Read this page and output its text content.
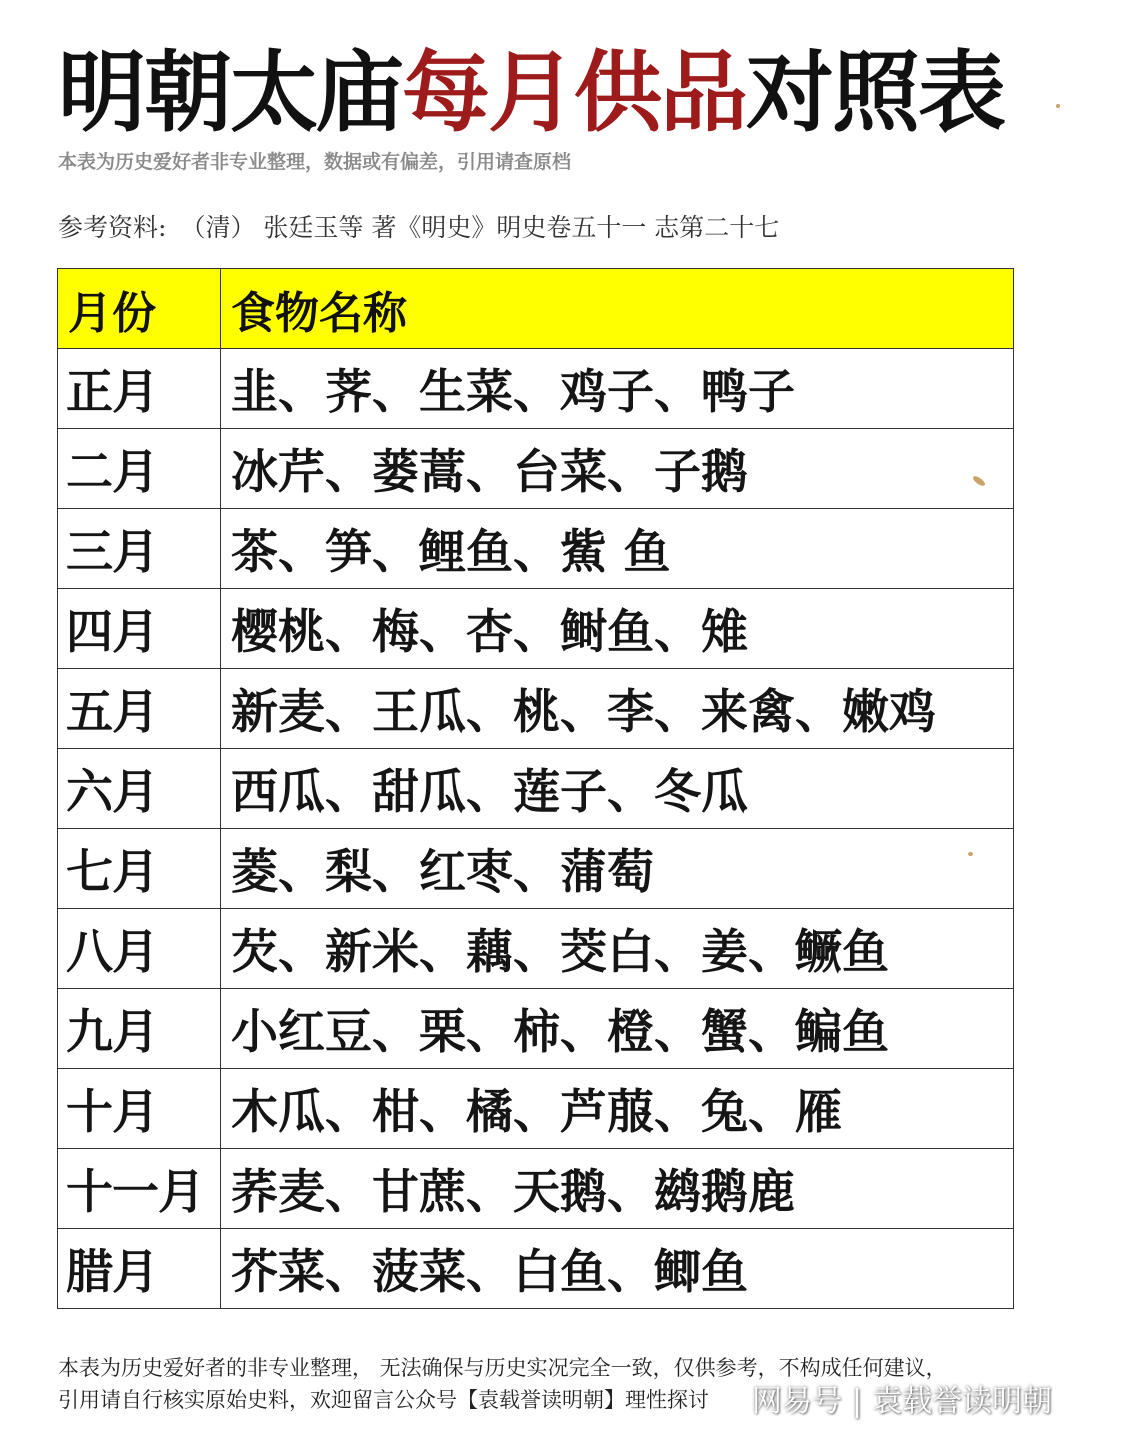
明朝太庙每月供品对照表
本表为历史爱好者非专业整理，数据或有偏差，引用请查原档
参考资料: （清） 张廷玉等 著《明史》明史卷五十一 志第二十七
月份	食物名称
正月	韭、荠、生菜、鸡子、鸭子
二月	冰芹、蒌蒿、台菜、子鹅
三月	茶、笋、鲤鱼、鮆 鱼
四月	樱桃、梅、杏、鲥鱼、雉
五月	新麦、王瓜、桃、李、来禽、嫩鸡
六月	西瓜、甜瓜、莲子、冬瓜
七月	菱、梨、红枣、蒲萄
八月	芡、新米、藕、茭白、姜、鳜鱼
九月	小红豆、栗、柿、橙、蟹、鳊鱼
十月	木瓜、柑、橘、芦菔、兔、雁
十一月	荞麦、甘蔗、天鹅、鹚鹅鹿
腊月	芥菜、菠菜、白鱼、鲫鱼
本表为历史爱好者的非专业整理， 无法确保与历史实况完全一致，仅供参考，不构成任何建议，
引用请自行核实原始史料，欢迎留言公众号【袁载誉读明朝】理性探讨	网易号 | 袁载誉读明朝
